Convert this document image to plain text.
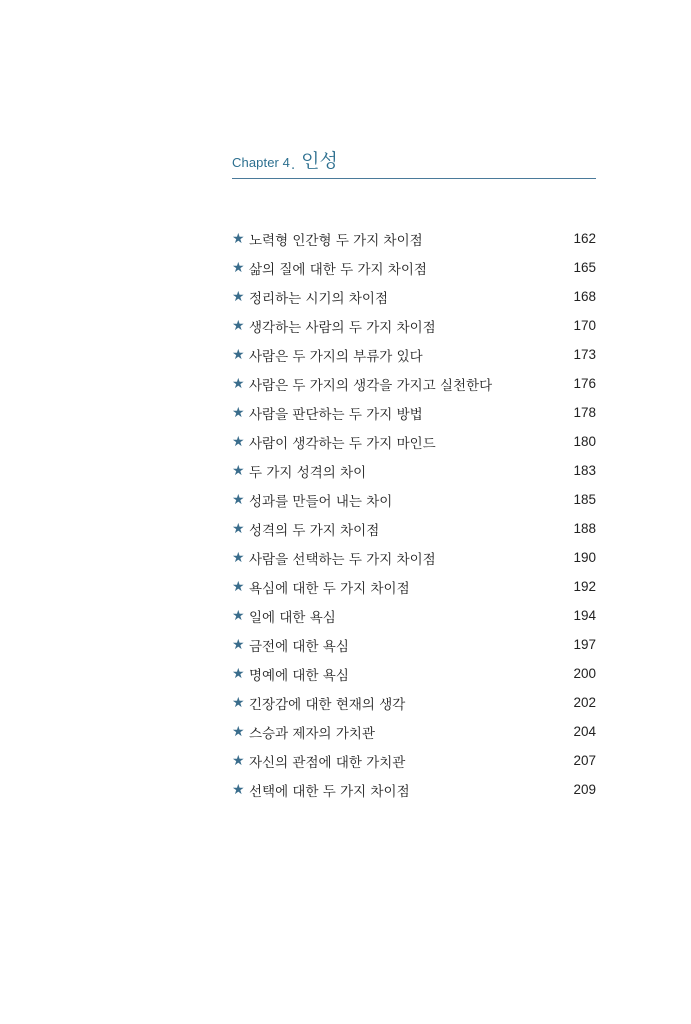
Chapter 4 . 인성
★ 노력형 인간형 두 가지 차이점	162
★ 삶의 질에 대한 두 가지 차이점	165
★ 정리하는 시기의 차이점	168
★ 생각하는 사람의 두 가지 차이점	170
★ 사람은 두 가지의 부류가 있다	173
★ 사람은 두 가지의 생각을 가지고 실천한다	176
★ 사람을 판단하는 두 가지 방법	178
★ 사람이 생각하는 두 가지 마인드	180
★ 두 가지 성격의 차이	183
★ 성과를 만들어 내는 차이	185
★ 성격의 두 가지 차이점	188
★ 사람을 선택하는 두 가지 차이점	190
★ 욕심에 대한 두 가지 차이점	192
★ 일에 대한 욕심	194
★ 금전에 대한 욕심	197
★ 명예에 대한 욕심	200
★ 긴장감에 대한 현재의 생각	202
★ 스승과 제자의 가치관	204
★ 자신의 관점에 대한 가치관	207
★ 선택에 대한 두 가지 차이점	209
